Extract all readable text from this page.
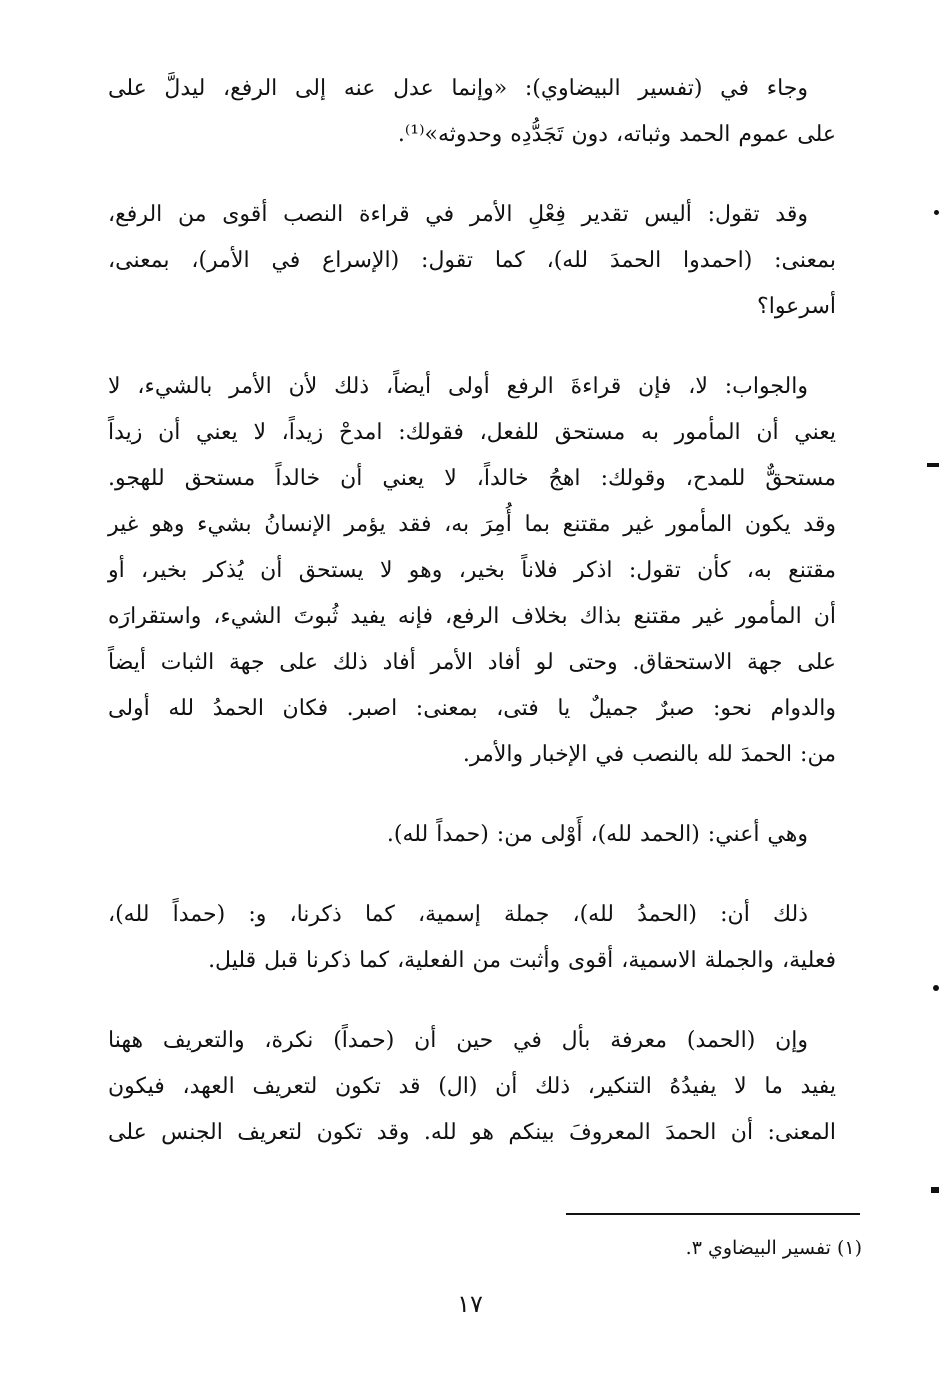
وجاء في (تفسير البيضاوي): «وإنما عدل عنه إلى الرفع، ليدلَّ على
على عموم الحمد وثباته، دون تَجَدُّدِه وحدوثه»⁽¹⁾.

وقد تقول: أليس تقدير فِعْلِ الأمر في قراءة النصب أقوى من الرفع،
بمعنى: (احمدوا الحمدَ لله)، كما تقول: (الإسراع في الأمر)، بمعنى،
أسرعوا؟

والجواب: لا، فإن قراءةَ الرفع أولى أيضاً، ذلك لأن الأمر بالشيء، لا
يعني أن المأمور به مستحق للفعل، فقولك: امدحْ زيداً، لا يعني أن زيداً
مستحقٌّ للمدح، وقولك: اهجُ خالداً، لا يعني أن خالداً مستحق للهجو.
وقد يكون المأمور غير مقتنع بما أُمِرَ به، فقد يؤمر الإنسانُ بشيء وهو غير
مقتنع به، كأن تقول: اذكر فلاناً بخير، وهو لا يستحق أن يُذكر بخير، أو
أن المأمور غير مقتنع بذاك بخلاف الرفع، فإنه يفيد ثُبوتَ الشيء، واستقرارَه
على جهة الاستحقاق. وحتى لو أفاد الأمر أفاد ذلك على جهة الثبات أيضاً
والدوام نحو: صبرٌ جميلٌ يا فتى، بمعنى: اصبر. فكان الحمدُ لله أولى
من: الحمدَ لله بالنصب في الإخبار والأمر.

وهي أعني: (الحمد لله)، أَوْلى من: (حمداً لله).

ذلك أن: (الحمدُ لله)، جملة إسمية، كما ذكرنا، و: (حمداً لله)،
فعلية، والجملة الاسمية، أقوى وأثبت من الفعلية، كما ذكرنا قبل قليل.

وإن (الحمد) معرفة بأل في حين أن (حمداً) نكرة، والتعريف ههنا
يفيد ما لا يفيدُهُ التنكير، ذلك أن (ال) قد تكون لتعريف العهد، فيكون
المعنى: أن الحمدَ المعروفَ بينكم هو لله. وقد تكون لتعريف الجنس على

(١) تفسير البيضاوي ٣.
١٧
